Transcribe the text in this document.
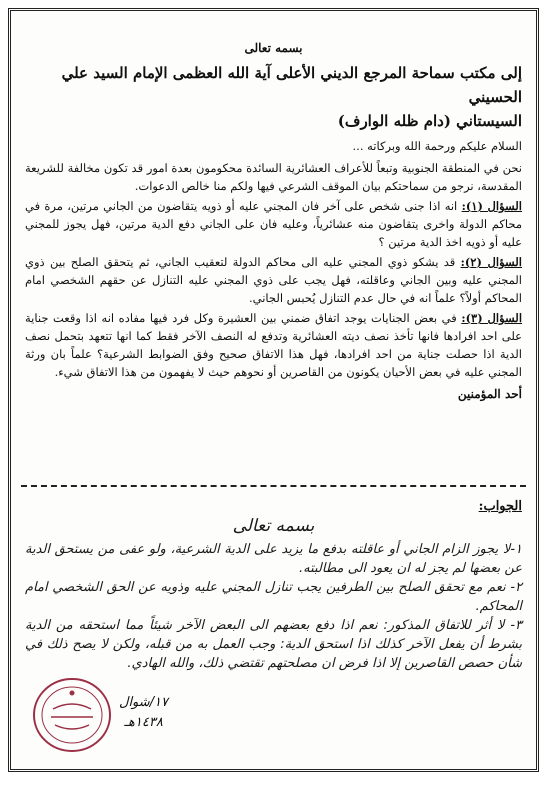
بسمه تعالى

إلى مكتب سماحة المرجع الديني الأعلى آية الله العظمى الإمام السيد علي الحسيني

السيستاني (دام ظله الوارف)

السلام عليكم ورحمة الله وبركاته ...

نحن في المنطقة الجنوبية وتبعاً للأعراف العشائرية السائدة محكومون بعدة امور قد تكون مخالفة للشريعة المقدسة، نرجو من سماحتكم بيان الموقف الشرعي فيها ولكم منا خالص الدعوات.

السؤال (١): انه اذا جنى شخص على آخر فان المجني عليه أو ذويه يتقاضون من الجاني مرتين، مرة في محاكم الدولة واخرى يتقاضون منه عشائرياً، وعليه فان على الجاني دفع الدية مرتين، فهل يجوز للمجني عليه أو ذويه اخذ الدية مرتين ؟

السؤال (٢): قد يشكو ذوي المجني عليه الى محاكم الدولة لتعقيب الجاني، ثم يتحقق الصلح بين ذوي المجني عليه وبين الجاني وعاقلته، فهل يجب على ذوي المجني عليه التنازل عن حقهم الشخصي امام المحاكم أولاً؟ علماً انه في حال عدم التنازل يُحبس الجاني.

السؤال (٣): في بعض الجنايات يوجد اتفاق ضمني بين العشيرة وكل فرد فيها مفاده انه اذا وقعت جناية على احد افرادها فانها تأخذ نصف ديته العشائرية وتدفع له النصف الآخر فقط كما انها تتعهد بتحمل نصف الدية اذا حصلت جناية من احد افرادها، فهل هذا الاتفاق صحيح وفق الضوابط الشرعية؟ علماً بان ورثة المجني عليه في بعض الأحيان يكونون من القاصرين أو نحوهم حيث لا يفهمون من هذا الاتفاق شيء.

أحد المؤمنين
الجواب:

بسمه تعالى

١-لا يجوز الزام الجاني أو عاقلته بدفع ما يزيد على الدية الشرعية، ولو عفى من يستحق الدية عن بعضها لم يجز له ان يعود الى مطالبته.

٢- نعم مع تحقق الصلح بين الطرفين يجب تنازل المجني عليه وذويه عن الحق الشخصي امام المحاكم.

٣- لا أثر للاتفاق المذكور: نعم اذا دفع بعضهم الى البعض الآخر شيئاً مما استحقه من الدية بشرط أن يفعل الآخر كذلك اذا استحق الدية: وجب العمل به من قبله، ولكن لا يصح ذلك في شأن حصص القاصرين إلا اذا فرض ان مصلحتهم تقتضي ذلك، والله الهادي.

١٧/شوال
١٤٣٨هـ
